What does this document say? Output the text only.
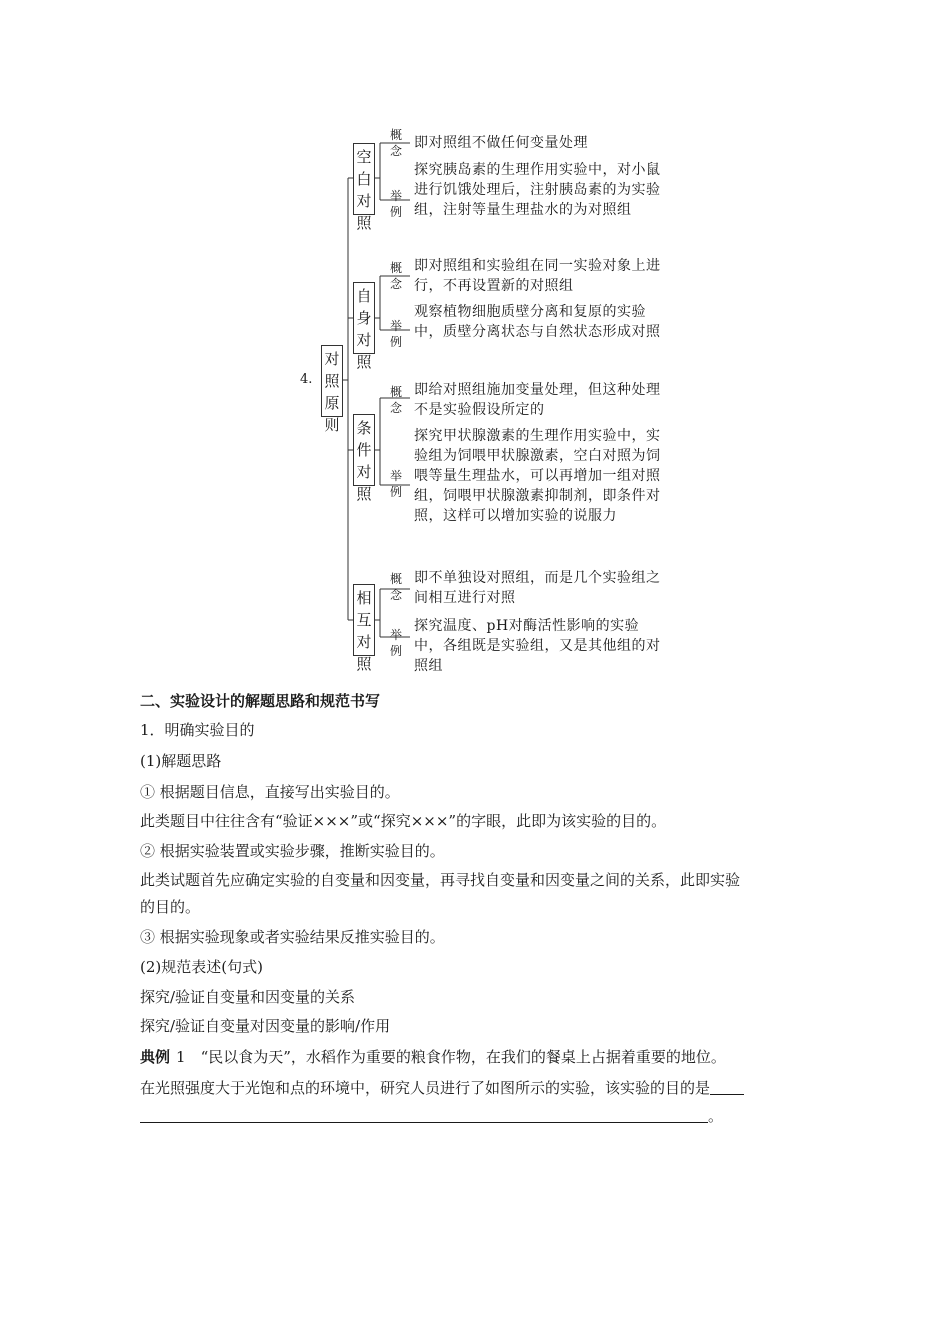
4.
对照原则
空白对照
概念
举例
即对照组不做任何变量处理
探究胰岛素的生理作用实验中，对小鼠进行饥饿处理后，注射胰岛素的为实验组，注射等量生理盐水的为对照组
自身对照
概念
举例
即对照组和实验组在同一实验对象上进行，不再设置新的对照组
观察植物细胞质壁分离和复原的实验中，质壁分离状态与自然状态形成对照
条件对照
概念
举例
即给对照组施加变量处理，但这种处理不是实验假设所定的
探究甲状腺激素的生理作用实验中，实验组为饲喂甲状腺激素，空白对照为饲喂等量生理盐水，可以再增加一组对照组，饲喂甲状腺激素抑制剂，即条件对照，这样可以增加实验的说服力
相互对照
概念
举例
即不单独设对照组，而是几个实验组之间相互进行对照
探究温度、pH对酶活性影响的实验中，各组既是实验组，又是其他组的对照组
二、实验设计的解题思路和规范书写
1．明确实验目的
(1)解题思路
① 根据题目信息，直接写出实验目的。
此类题目中往往含有“验证×××”或“探究×××”的字眼，此即为该实验的目的。
② 根据实验装置或实验步骤，推断实验目的。
此类试题首先应确定实验的自变量和因变量，再寻找自变量和因变量之间的关系，此即实验
的目的。
③ 根据实验现象或者实验结果反推实验目的。
(2)规范表述(句式)
探究/验证自变量和因变量的关系
探究/验证自变量对因变量的影响/作用
典例 1　“民以食为天”，水稻作为重要的粮食作物，在我们的餐桌上占据着重要的地位。
在光照强度大于光饱和点的环境中，研究人员进行了如图所示的实验，该实验的目的是
。
